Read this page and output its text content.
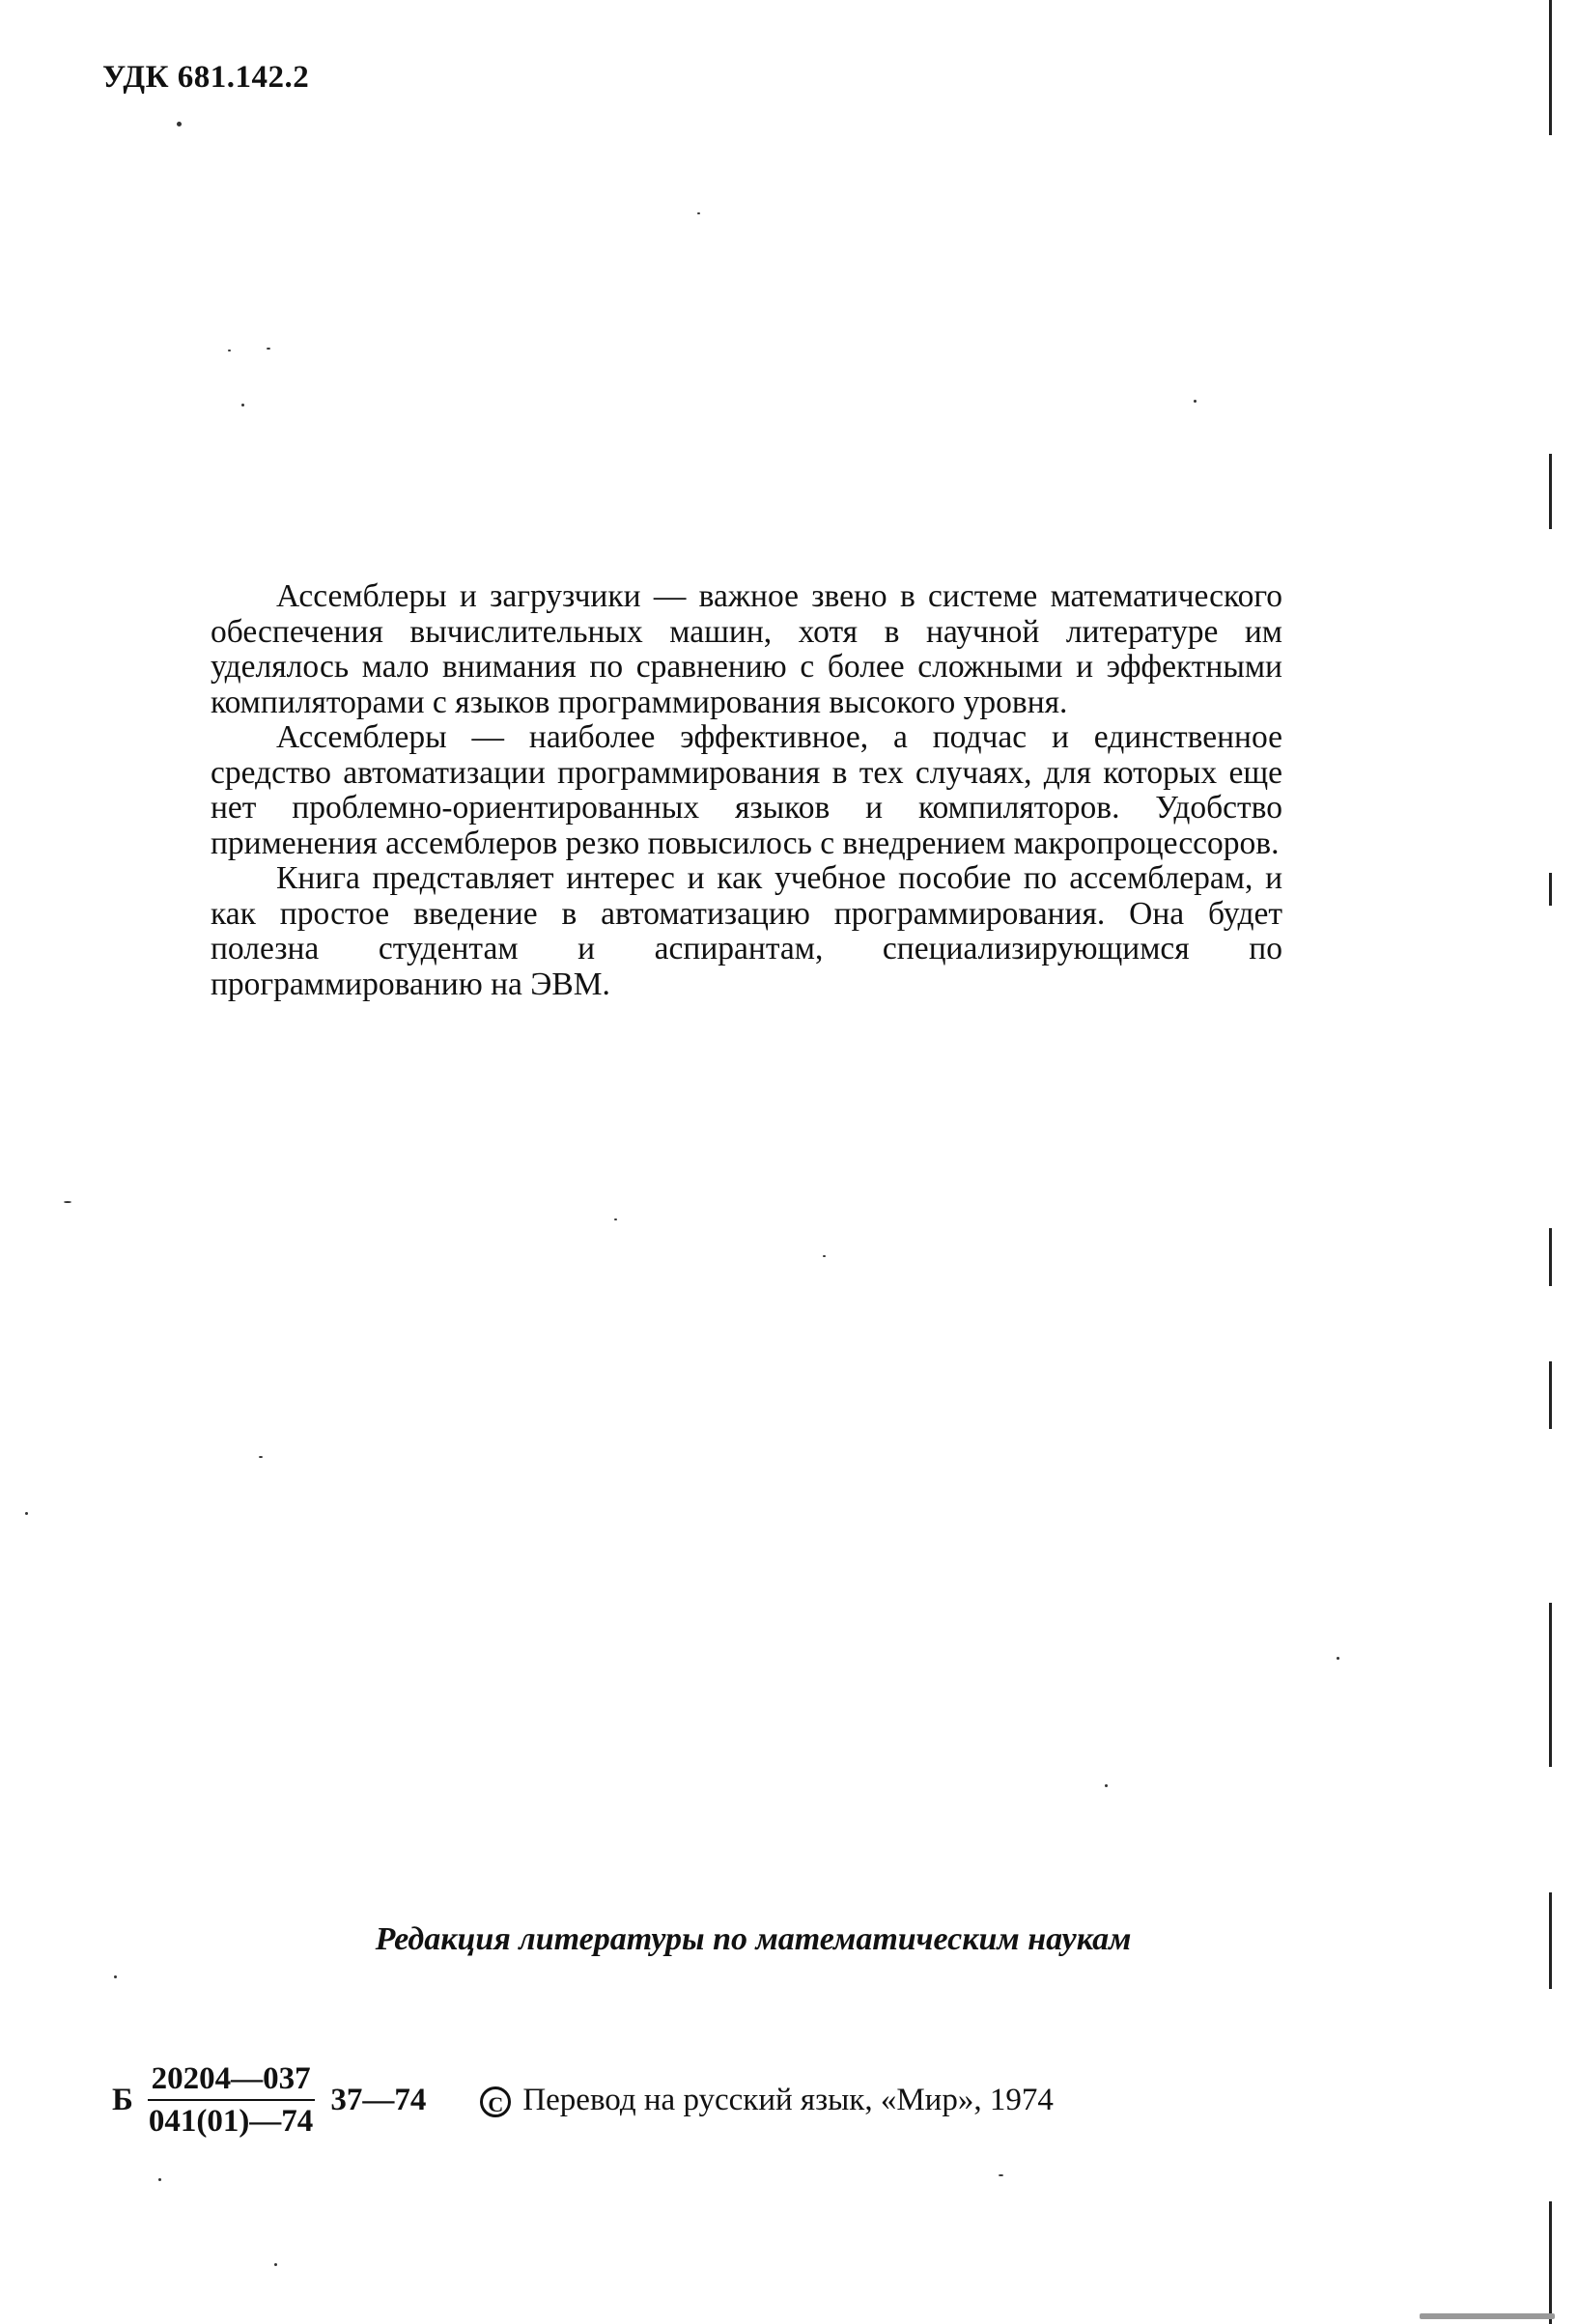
УДК 681.142.2

Ассемблеры и загрузчики — важное звено в системе математического обеспечения вычислительных машин, хотя в научной литературе им уделялось мало внимания по сравнению с более сложными и эффектными компиляторами с языков программирования высокого уровня.

Ассемблеры — наиболее эффективное, а подчас и единственное средство автоматизации программирования в тех случаях, для которых еще нет проблемно-ориентированных языков и компиляторов. Удобство применения ассемблеров резко повысилось с внедрением макропроцессоров.

Книга представляет интерес и как учебное пособие по ассемблерам, и как простое введение в автоматизацию программирования. Она будет полезна студентам и аспирантам, специализирующимся по программированию на ЭВМ.

Редакция литературы по математическим наукам
Б $\frac{20204—037}{041(01)—74}$ 37—74	C Перевод на русский язык, «Мир», 1974
